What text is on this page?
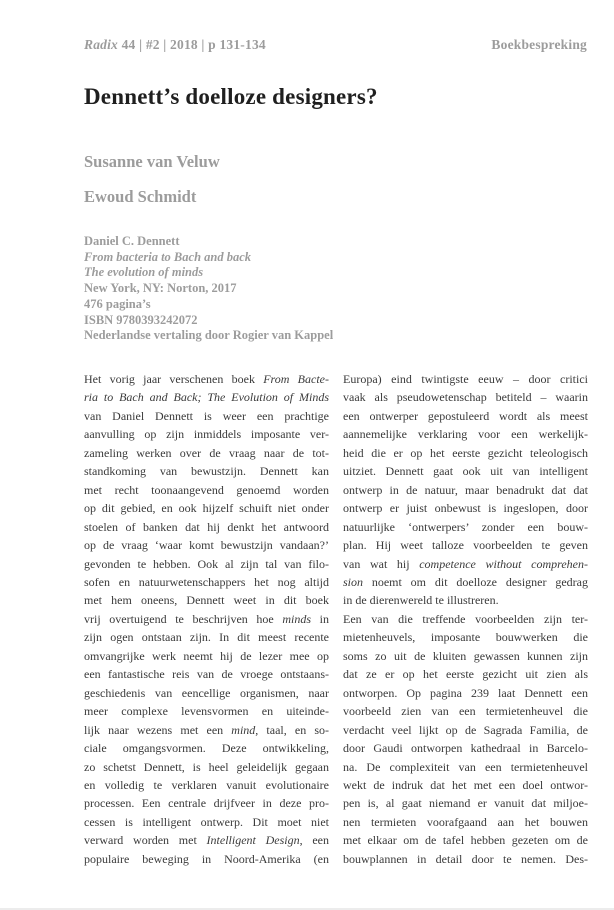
Radix 44 | #2 | 2018 | p 131-134	Boekbespreking
Dennett’s doelloze designers?
Susanne van Veluw
Ewoud Schmidt
Daniel C. Dennett
From bacteria to Bach and back
The evolution of minds
New York, NY: Norton, 2017
476 pagina’s
ISBN 9780393242072
Nederlandse vertaling door Rogier van Kappel
Het vorig jaar verschenen boek From Bacte-
ria to Bach and Back; The Evolution of Minds
van Daniel Dennett is weer een prachtige
aanvulling op zijn inmiddels imposante ver-
zameling werken over de vraag naar de tot-
standkoming van bewustzijn. Dennett kan
met recht toonaangevend genoemd worden
op dit gebied, en ook hijzelf schuift niet onder
stoelen of banken dat hij denkt het antwoord
op de vraag ‘waar komt bewustzijn vandaan?’
gevonden te hebben. Ook al zijn tal van filo-
sofen en natuurwetenschappers het nog altijd
met hem oneens, Dennett weet in dit boek
vrij overtuigend te beschrijven hoe minds in
zijn ogen ontstaan zijn. In dit meest recente
omvangrijke werk neemt hij de lezer mee op
een fantastische reis van de vroege ontstaans-
geschiedenis van eencellige organismen, naar
meer complexe levensvormen en uiteinde-
lijk naar wezens met een mind, taal, en so-
ciale omgangsvormen. Deze ontwikkeling,
zo schetst Dennett, is heel geleidelijk gegaan
en volledig te verklaren vanuit evolutionaire
processen. Een centrale drijfveer in deze pro-
cessen is intelligent ontwerp. Dit moet niet
verward worden met Intelligent Design, een
populaire beweging in Noord-Amerika (en
Europa) eind twintigste eeuw – door critici
vaak als pseudowetenschap betiteld – waarin
een ontwerper gepostuleerd wordt als meest
aannemelijke verklaring voor een werkelijk-
heid die er op het eerste gezicht teleologisch
uitziet. Dennett gaat ook uit van intelligent
ontwerp in de natuur, maar benadrukt dat dat
ontwerp er juist onbewust is ingeslopen, door
natuurlijke ‘ontwerpers’ zonder een bouw-
plan. Hij weet talloze voorbeelden te geven
van wat hij competence without comprehen-
sion noemt om dit doelloze designer gedrag
in de dierenwereld te illustreren.
Een van die treffende voorbeelden zijn ter-
mietenheuvels, imposante bouwwerken die
soms zo uit de kluiten gewassen kunnen zijn
dat ze er op het eerste gezicht uit zien als
ontworpen. Op pagina 239 laat Dennett een
voorbeeld zien van een termietenheuvel die
verdacht veel lijkt op de Sagrada Familia, de
door Gaudi ontworpen kathedraal in Barcelo-
na. De complexiteit van een termietenheuvel
wekt de indruk dat het met een doel ontwor-
pen is, al gaat niemand er vanuit dat miljoe-
nen termieten voorafgaand aan het bouwen
met elkaar om de tafel hebben gezeten om de
bouwplannen in detail door te nemen. Des-
